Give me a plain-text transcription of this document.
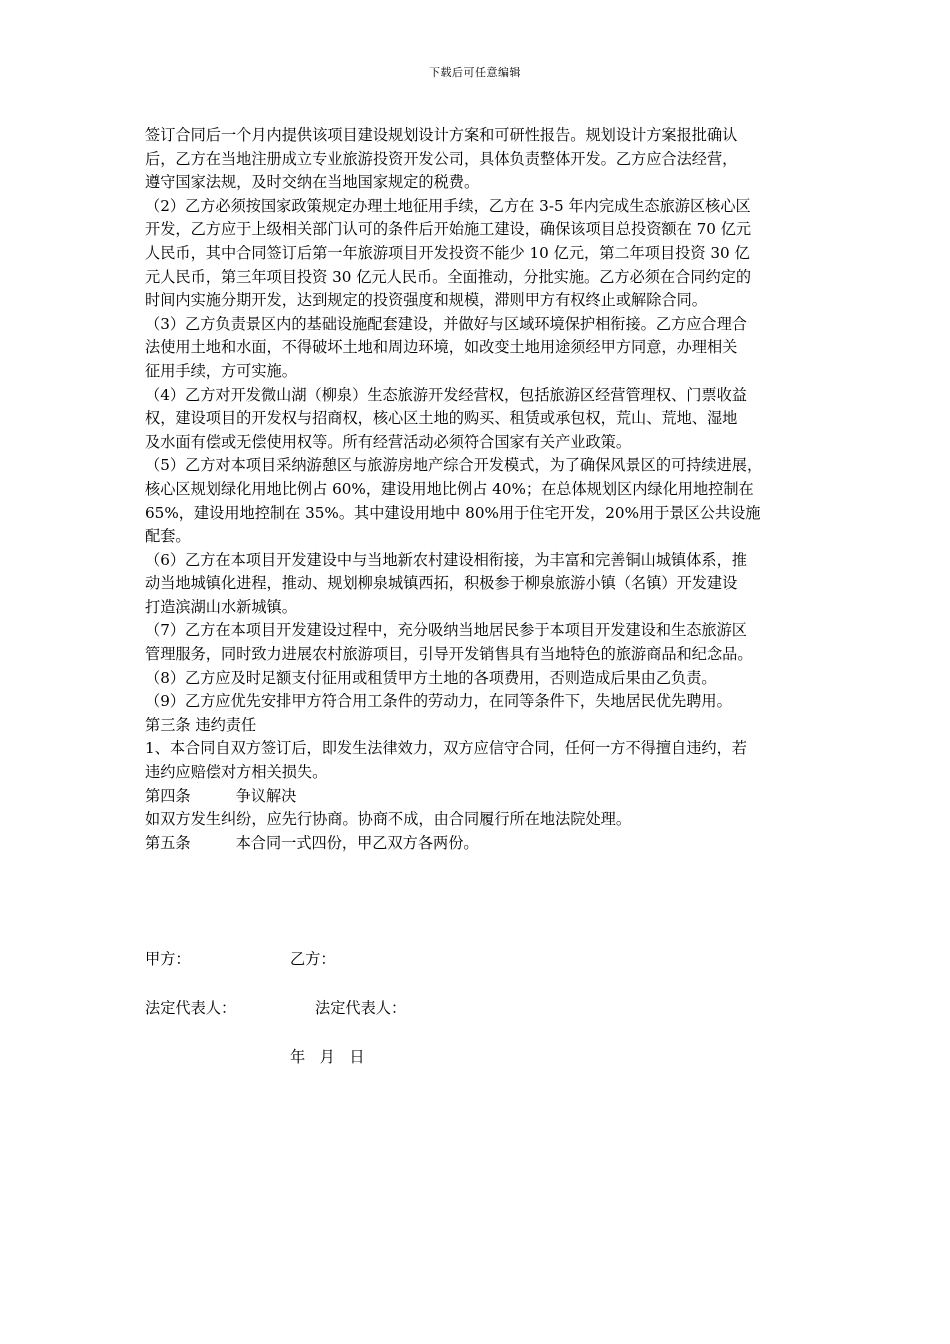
下载后可任意编辑
签订合同后一个月内提供该项目建设规划设计方案和可研性报告。规划设计方案报批确认
后，乙方在当地注册成立专业旅游投资开发公司，具体负责整体开发。乙方应合法经营，
遵守国家法规，及时交纳在当地国家规定的税费。
（2）乙方必须按国家政策规定办理土地征用手续，乙方在 3-5 年内完成生态旅游区核心区
开发，乙方应于上级相关部门认可的条件后开始施工建设，确保该项目总投资额在 70 亿元
人民币，其中合同签订后第一年旅游项目开发投资不能少 10 亿元，第二年项目投资 30 亿
元人民币，第三年项目投资 30 亿元人民币。全面推动，分批实施。乙方必须在合同约定的
时间内实施分期开发，达到规定的投资强度和规模，滞则甲方有权终止或解除合同。
（3）乙方负责景区内的基础设施配套建设，并做好与区域环境保护相衔接。乙方应合理合
法使用土地和水面，不得破坏土地和周边环境，如改变土地用途须经甲方同意，办理相关
征用手续，方可实施。
（4）乙方对开发微山湖（柳泉）生态旅游开发经营权，包括旅游区经营管理权、门票收益
权，建设项目的开发权与招商权，核心区土地的购买、租赁或承包权，荒山、荒地、湿地
及水面有偿或无偿使用权等。所有经营活动必须符合国家有关产业政策。
（5）乙方对本项目采纳游憩区与旅游房地产综合开发模式，为了确保风景区的可持续进展，
核心区规划绿化用地比例占 60%，建设用地比例占 40%；在总体规划区内绿化用地控制在
65%，建设用地控制在 35%。其中建设用地中 80%用于住宅开发，20%用于景区公共设施
配套。
（6）乙方在本项目开发建设中与当地新农村建设相衔接，为丰富和完善铜山城镇体系，推
动当地城镇化进程，推动、规划柳泉城镇西拓，积极参于柳泉旅游小镇（名镇）开发建设
打造滨湖山水新城镇。
（7）乙方在本项目开发建设过程中，充分吸纳当地居民参于本项目开发建设和生态旅游区
管理服务，同时致力进展农村旅游项目，引导开发销售具有当地特色的旅游商品和纪念品。
（8）乙方应及时足额支付征用或租赁甲方土地的各项费用，否则造成后果由乙负责。
（9）乙方应优先安排甲方符合用工条件的劳动力，在同等条件下，失地居民优先聘用。
第三条 违约责任
1、本合同自双方签订后，即发生法律效力，双方应信守合同，任何一方不得擅自违约，若
违约应赔偿对方相关损失。
第四条	争议解决
如双方发生纠纷，应先行协商。协商不成，由合同履行所在地法院处理。
第五条	本合同一式四份，甲乙双方各两份。
甲方：	乙方：
法定代表人：	法定代表人：
年   月   日
